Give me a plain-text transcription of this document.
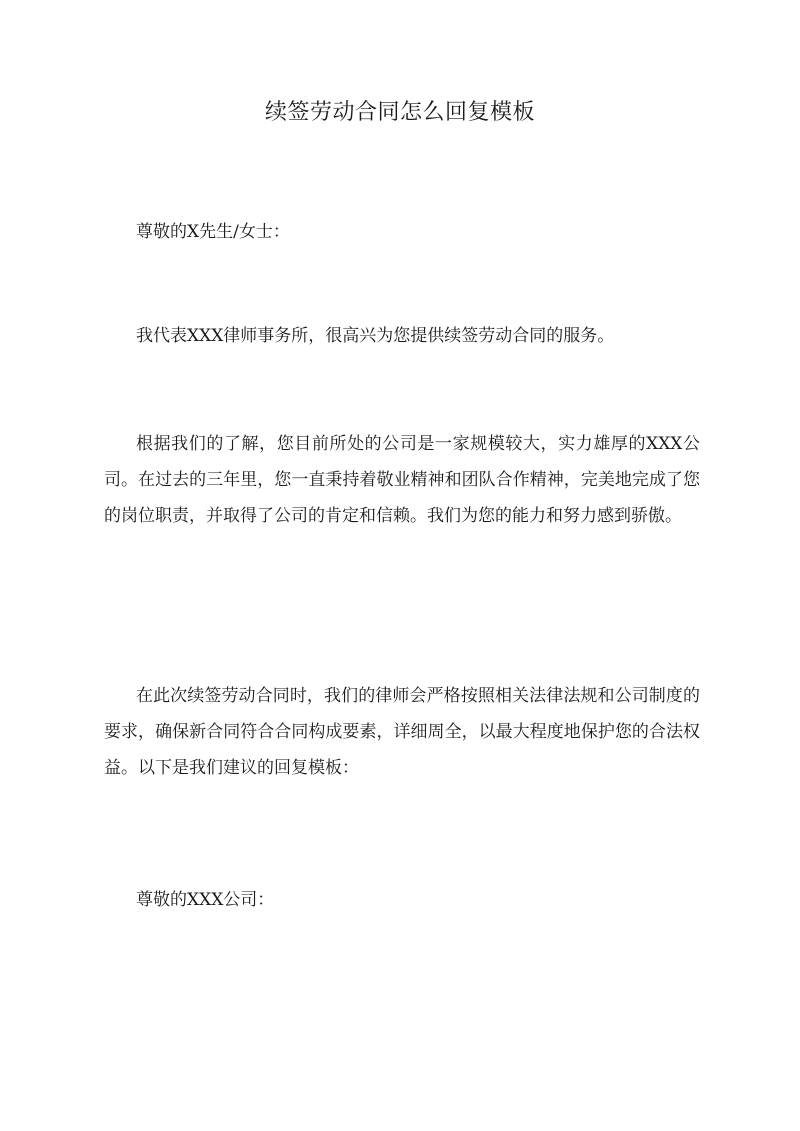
续签劳动合同怎么回复模板

尊敬的X先生/女士：

我代表XXX律师事务所，很高兴为您提供续签劳动合同的服务。

根据我们的了解，您目前所处的公司是一家规模较大，实力雄厚的XXX公司。在过去的三年里，您一直秉持着敬业精神和团队合作精神，完美地完成了您的岗位职责，并取得了公司的肯定和信赖。我们为您的能力和努力感到骄傲。

在此次续签劳动合同时，我们的律师会严格按照相关法律法规和公司制度的要求，确保新合同符合合同构成要素，详细周全，以最大程度地保护您的合法权益。以下是我们建议的回复模板：

尊敬的XXX公司：
